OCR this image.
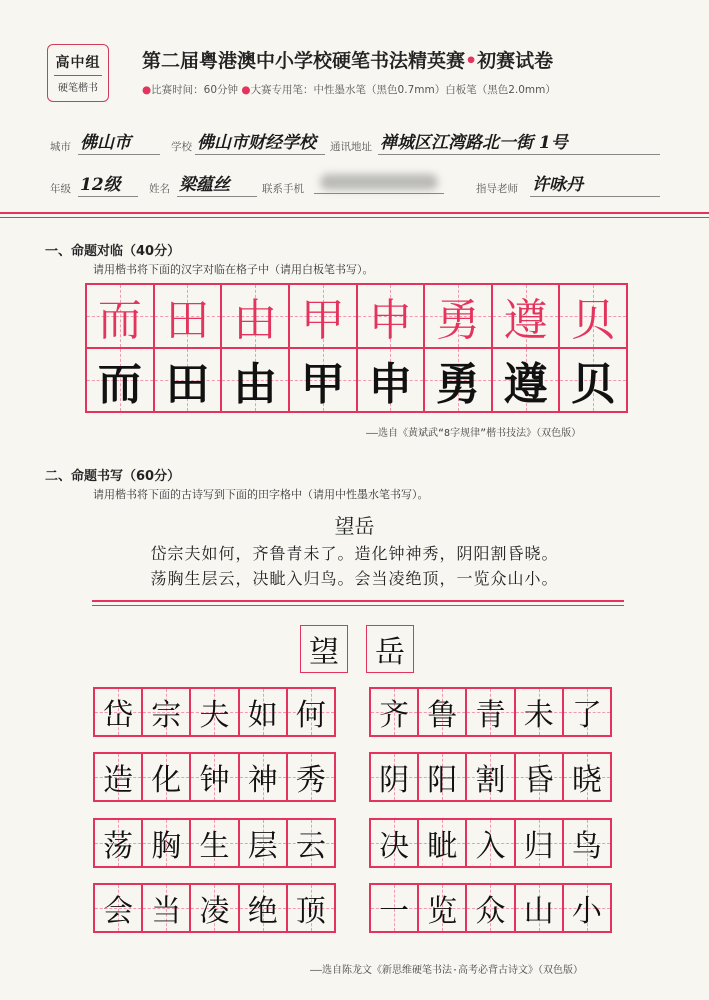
高中组
硬笔楷书
第二届粤港澳中小学校硬笔书法精英赛•初赛试卷
●比赛时间：60分钟 ●大赛专用笔：中性墨水笔（黑色0.7mm）白板笔（黑色2.0mm）
城市 佛山市	学校 佛山市财经学校	通讯地址 禅城区江湾路北一街 1号
年级 12级	姓名 梁蕴丝	联系手机	指导老师 许咏丹
一、命题对临（40分）
请用楷书将下面的汉字对临在格子中（请用白板笔书写）。
而 田 由 甲 申 勇 遵 贝
而 田 由 甲 申 勇 遵 贝
——选自《黄斌武“8字规律”楷书技法》（双色版）
二、命题书写（60分）
请用楷书将下面的古诗写到下面的田字格中（请用中性墨水笔书写）。
望岳
岱宗夫如何，齐鲁青未了。造化钟神秀，阴阳割昏晓。
荡胸生层云，决眦入归鸟。会当凌绝顶，一览众山小。
望 岳
岱 宗 夫 如 何 齐 鲁 青 未 了
造 化 钟 神 秀 阴 阳 割 昏 晓
荡 胸 生 层 云 决 眦 入 归 鸟
会 当 凌 绝 顶 一 览 众 山 小
——选自陈龙文《新思维硬笔书法·高考必背古诗文》（双色版）
